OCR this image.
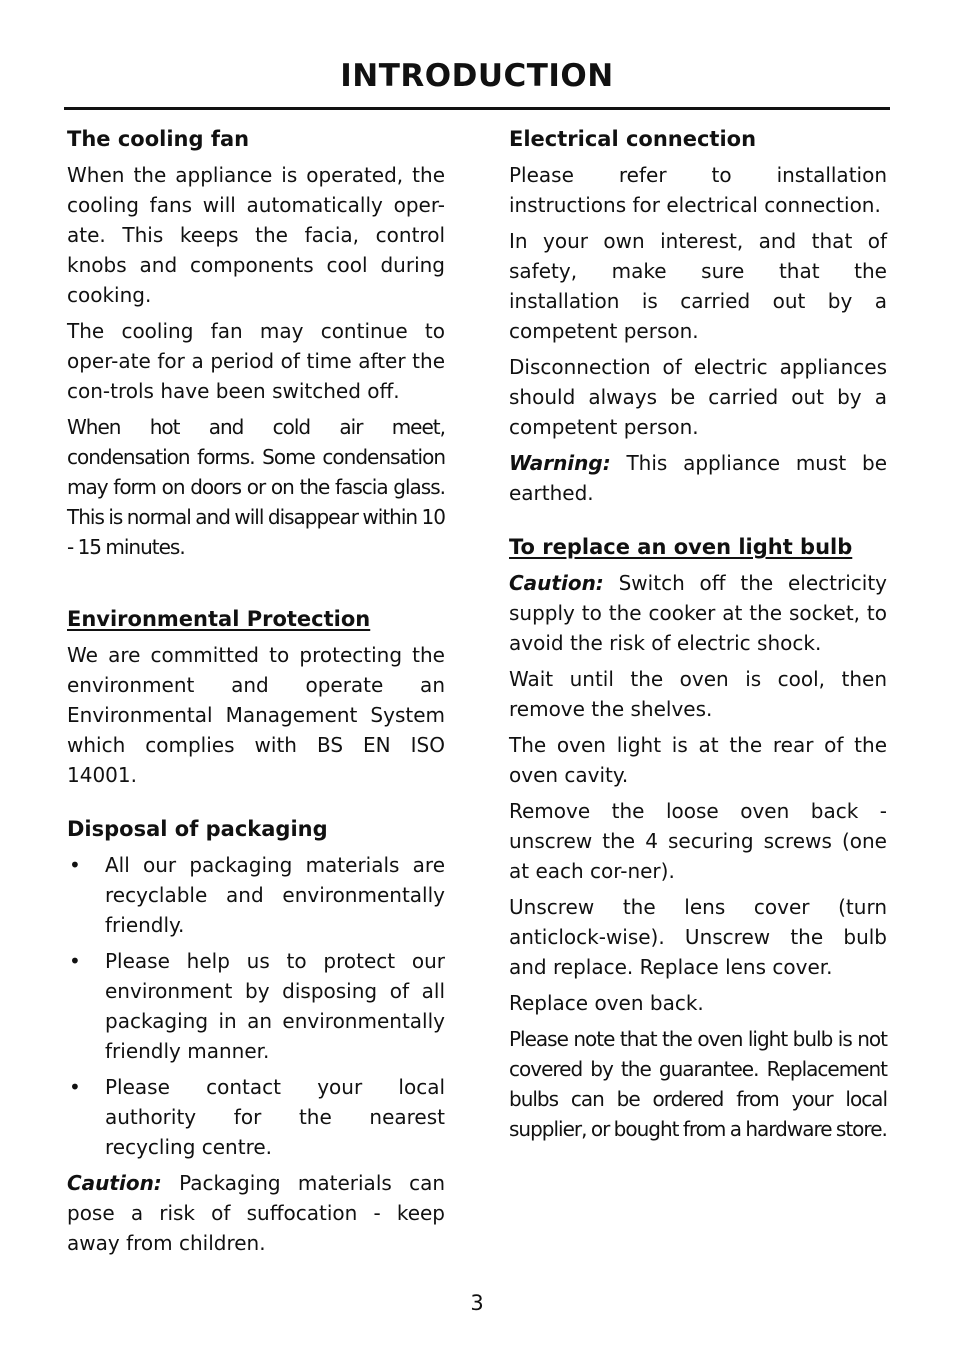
INTRODUCTION
The cooling fan

When the appliance is operated, the cooling fans will automatically oper-ate. This keeps the facia, control knobs and components cool during cooking.

The cooling fan may continue to oper-ate for a period of time after the con-trols have been switched off.

When hot and cold air meet, condensation forms. Some condensation may form on doors or on the fascia glass. This is normal and will disappear within 10 - 15 minutes.

Environmental Protection

We are committed to protecting the environment and operate an Environmental Management System which complies with BS EN ISO 14001.

Disposal of packaging
• All our packaging materials are recyclable and environmentally friendly.
• Please help us to protect our environment by disposing of all packaging in an environmentally friendly manner.
• Please contact your local authority for the nearest recycling centre.

Caution: Packaging materials can pose a risk of suffocation - keep away from children.

Electrical connection

Please refer to installation instructions for electrical connection.

In your own interest, and that of safety, make sure that the installation is carried out by a competent person.

Disconnection of electric appliances should always be carried out by a competent person.

Warning: This appliance must be earthed.

To replace an oven light bulb

Caution: Switch off the electricity supply to the cooker at the socket, to avoid the risk of electric shock.

Wait until the oven is cool, then remove the shelves.

The oven light is at the rear of the oven cavity.

Remove the loose oven back - unscrew the 4 securing screws (one at each cor-ner).

Unscrew the lens cover (turn anticlock-wise). Unscrew the bulb and replace. Replace lens cover.

Replace oven back.

Please note that the oven light bulb is not covered by the guarantee. Replacement bulbs can be ordered from your local supplier, or bought from a hardware store.

3
